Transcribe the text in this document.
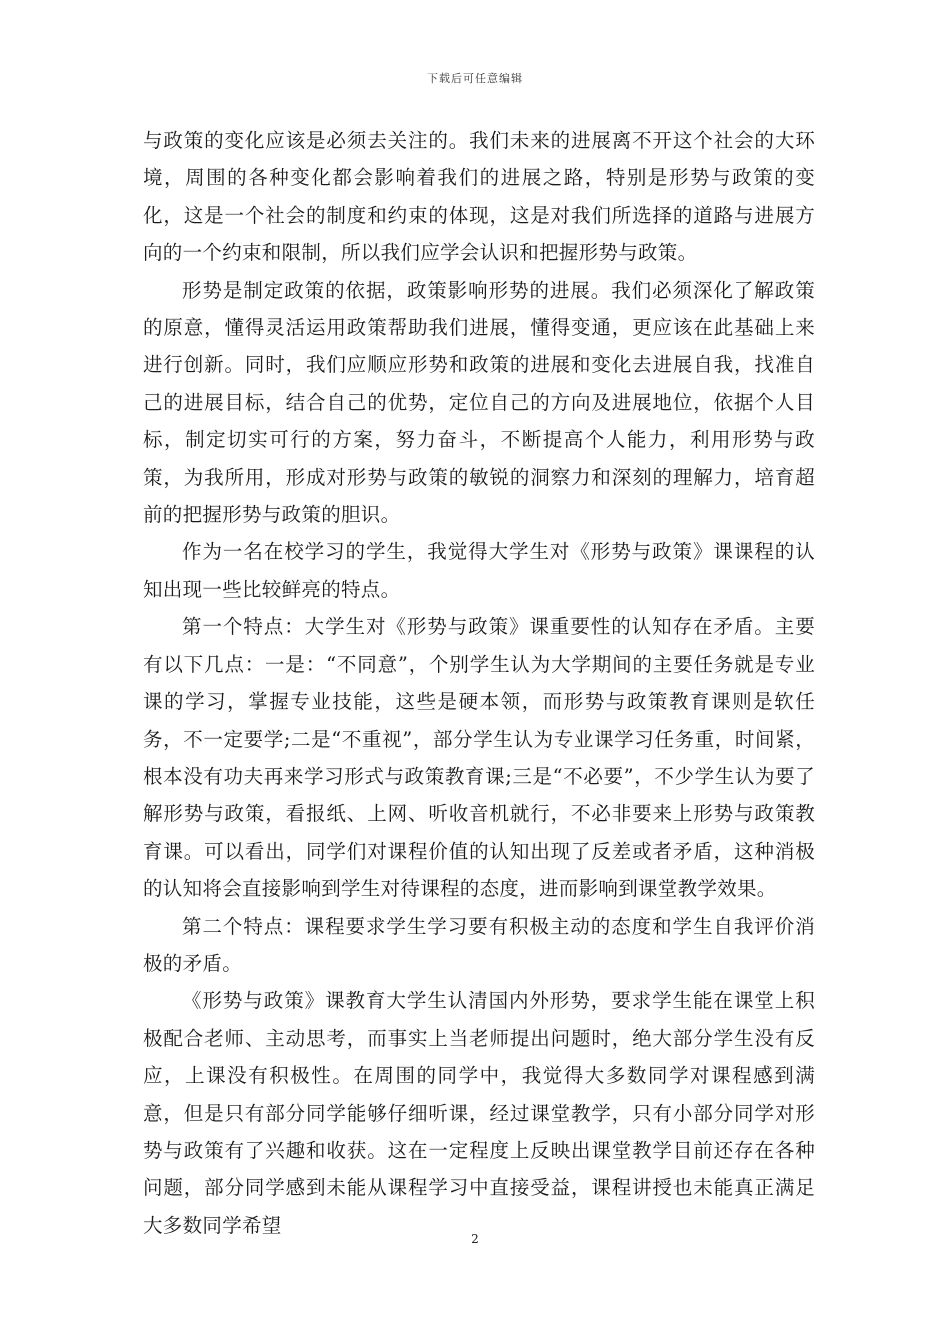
下载后可任意编辑

与政策的变化应该是必须去关注的。我们未来的进展离不开这个社会的大环境，周围的各种变化都会影响着我们的进展之路，特别是形势与政策的变化，这是一个社会的制度和约束的体现，这是对我们所选择的道路与进展方向的一个约束和限制，所以我们应学会认识和把握形势与政策。

形势是制定政策的依据，政策影响形势的进展。我们必须深化了解政策的原意，懂得灵活运用政策帮助我们进展，懂得变通，更应该在此基础上来进行创新。同时，我们应顺应形势和政策的进展和变化去进展自我，找准自己的进展目标，结合自己的优势，定位自己的方向及进展地位，依据个人目标，制定切实可行的方案，努力奋斗，不断提高个人能力，利用形势与政策，为我所用，形成对形势与政策的敏锐的洞察力和深刻的理解力，培育超前的把握形势与政策的胆识。

作为一名在校学习的学生，我觉得大学生对《形势与政策》课课程的认知出现一些比较鲜亮的特点。

第一个特点：大学生对《形势与政策》课重要性的认知存在矛盾。主要有以下几点：一是：“不同意”，个别学生认为大学期间的主要任务就是专业课的学习，掌握专业技能，这些是硬本领，而形势与政策教育课则是软任务，不一定要学;二是“不重视”，部分学生认为专业课学习任务重，时间紧，根本没有功夫再来学习形式与政策教育课;三是“不必要”，不少学生认为要了解形势与政策，看报纸、上网、听收音机就行，不必非要来上形势与政策教育课。可以看出，同学们对课程价值的认知出现了反差或者矛盾，这种消极的认知将会直接影响到学生对待课程的态度，进而影响到课堂教学效果。

第二个特点：课程要求学生学习要有积极主动的态度和学生自我评价消极的矛盾。

《形势与政策》课教育大学生认清国内外形势，要求学生能在课堂上积极配合老师、主动思考，而事实上当老师提出问题时，绝大部分学生没有反应，上课没有积极性。在周围的同学中，我觉得大多数同学对课程感到满意，但是只有部分同学能够仔细听课，经过课堂教学，只有小部分同学对形势与政策有了兴趣和收获。这在一定程度上反映出课堂教学目前还存在各种问题，部分同学感到未能从课程学习中直接受益，课程讲授也未能真正满足大多数同学希望

2
